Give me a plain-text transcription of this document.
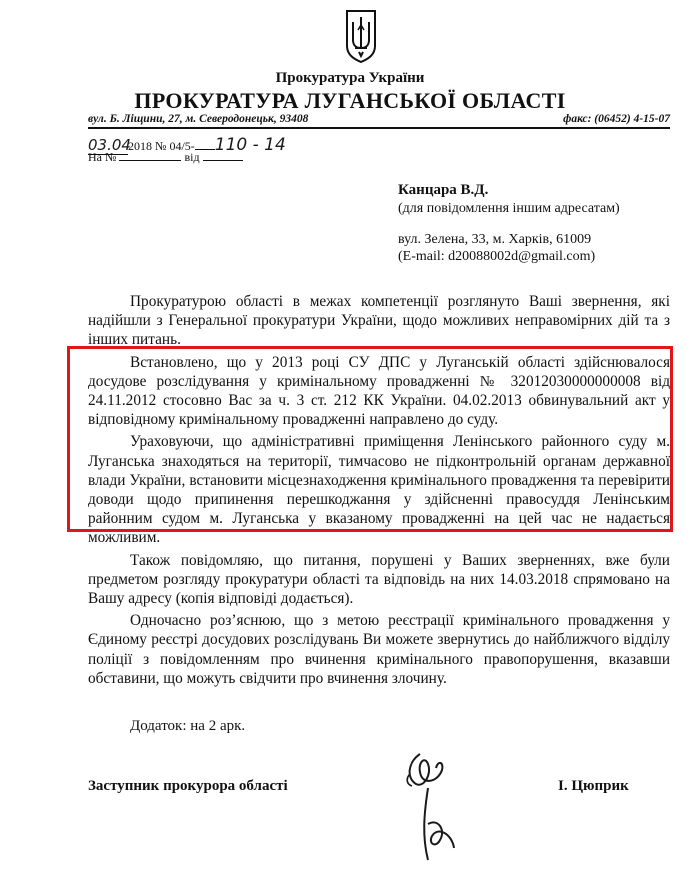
Прокуратура України
ПРОКУРАТУРА ЛУГАНСЬКОЇ ОБЛАСТІ
вул. Б. Ліщини, 27, м. Северодонецьк, 93408	факс: (06452) 4-15-07
03.042018 № 04/5- 110 - 14
На №	від
Канцара В.Д.
(для повідомлення іншим адресатам)
вул. Зелена, 33, м. Харків, 61009
(E-mail: d20088002d@gmail.com)

Прокуратурою області в межах компетенції розглянуто Ваші звернення, які надійшли з Генеральної прокуратури України, щодо можливих неправомірних дій та з інших питань.

Встановлено, що у 2013 році СУ ДПС у Луганській області здійснювалося досудове розслідування у кримінальному провадженні № 32012030000000008 від 24.11.2012 стосовно Вас за ч. 3 ст. 212 КК України. 04.02.2013 обвинувальний акт у відповідному кримінальному провадженні направлено до суду.

Ураховуючи, що адміністративні приміщення Ленінського районного суду м. Луганська знаходяться на території, тимчасово не підконтрольній органам державної влади України, встановити місцезнаходження кримінального провадження та перевірити доводи щодо припинення перешкоджання у здійсненні правосуддя Ленінським районним судом м. Луганська у вказаному провадженні на цей час не надається можливим.

Також повідомляю, що питання, порушені у Ваших зверненнях, вже були предметом розгляду прокуратури області та відповідь на них 14.03.2018 спрямовано на Вашу адресу (копія відповіді додається).

Одночасно роз’яснюю, що з метою реєстрації кримінального провадження у Єдиному реєстрі досудових розслідувань Ви можете звернутись до найближчого відділу поліції з повідомленням про вчинення кримінального правопорушення, вказавши обставини, що можуть свідчити про вчинення злочину.

Додаток: на 2 арк.
Заступник прокурора області	І. Цюприк
